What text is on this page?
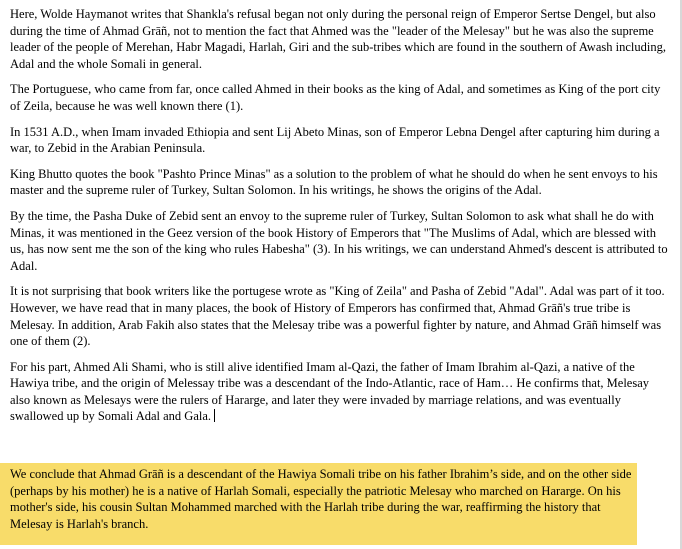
Here, Wolde Haymanot writes that Shankla's refusal began not only during the personal reign of Emperor Sertse Dengel, but also during the time of Ahmad Grāñ, not to mention the fact that Ahmed was the "leader of the Melesay" but he was also the supreme leader of the people of Merehan, Habr Magadi, Harlah, Giri and the sub-tribes which are found in the southern of Awash including, Adal and the whole Somali in general.

The Portuguese, who came from far, once called Ahmed in their books as the king of Adal, and sometimes as King of the port city of Zeila, because he was well known there (1).

In 1531 A.D., when Imam invaded Ethiopia and sent Lij Abeto Minas, son of Emperor Lebna Dengel after capturing him during a war, to Zebid in the Arabian Peninsula.

King Bhutto quotes the book "Pashto Prince Minas" as a solution to the problem of what he should do when he sent envoys to his master and the supreme ruler of Turkey, Sultan Solomon. In his writings, he shows the origins of the Adal.

By the time, the Pasha Duke of Zebid sent an envoy to the supreme ruler of Turkey, Sultan Solomon to ask what shall he do with Minas, it was mentioned in the Geez version of the book History of Emperors that "The Muslims of Adal, which are blessed with us, has now sent me the son of the king who rules Habesha" (3). In his writings, we can understand Ahmed's descent is attributed to Adal.

It is not surprising that book writers like the portugese wrote as "King of Zeila" and Pasha of Zebid "Adal". Adal was part of it too. However, we have read that in many places, the book of History of Emperors has confirmed that, Ahmad Grāñ's true tribe is Melesay. In addition, Arab Fakih also states that the Melesay tribe was a powerful fighter by nature, and Ahmad Grāñ himself was one of them (2).

For his part, Ahmed Ali Shami, who is still alive identified Imam al-Qazi, the father of Imam Ibrahim al-Qazi, a native of the Hawiya tribe, and the origin of Melessay tribe was a descendant of the Indo-Atlantic, race of Ham… He confirms that, Melesay also known as Melesays were the rulers of Hararge, and later they were invaded by marriage relations, and was eventually swallowed up by Somali Adal and Gala.

We conclude that Ahmad Grāñ is a descendant of the Hawiya Somali tribe on his father Ibrahim’s side, and on the other side (perhaps by his mother) he is a native of Harlah Somali, especially the patriotic Melesay who marched on Hararge. On his mother's side, his cousin Sultan Mohammed marched with the Harlah tribe during the war, reaffirming the history that Melesay is Harlah's branch.
